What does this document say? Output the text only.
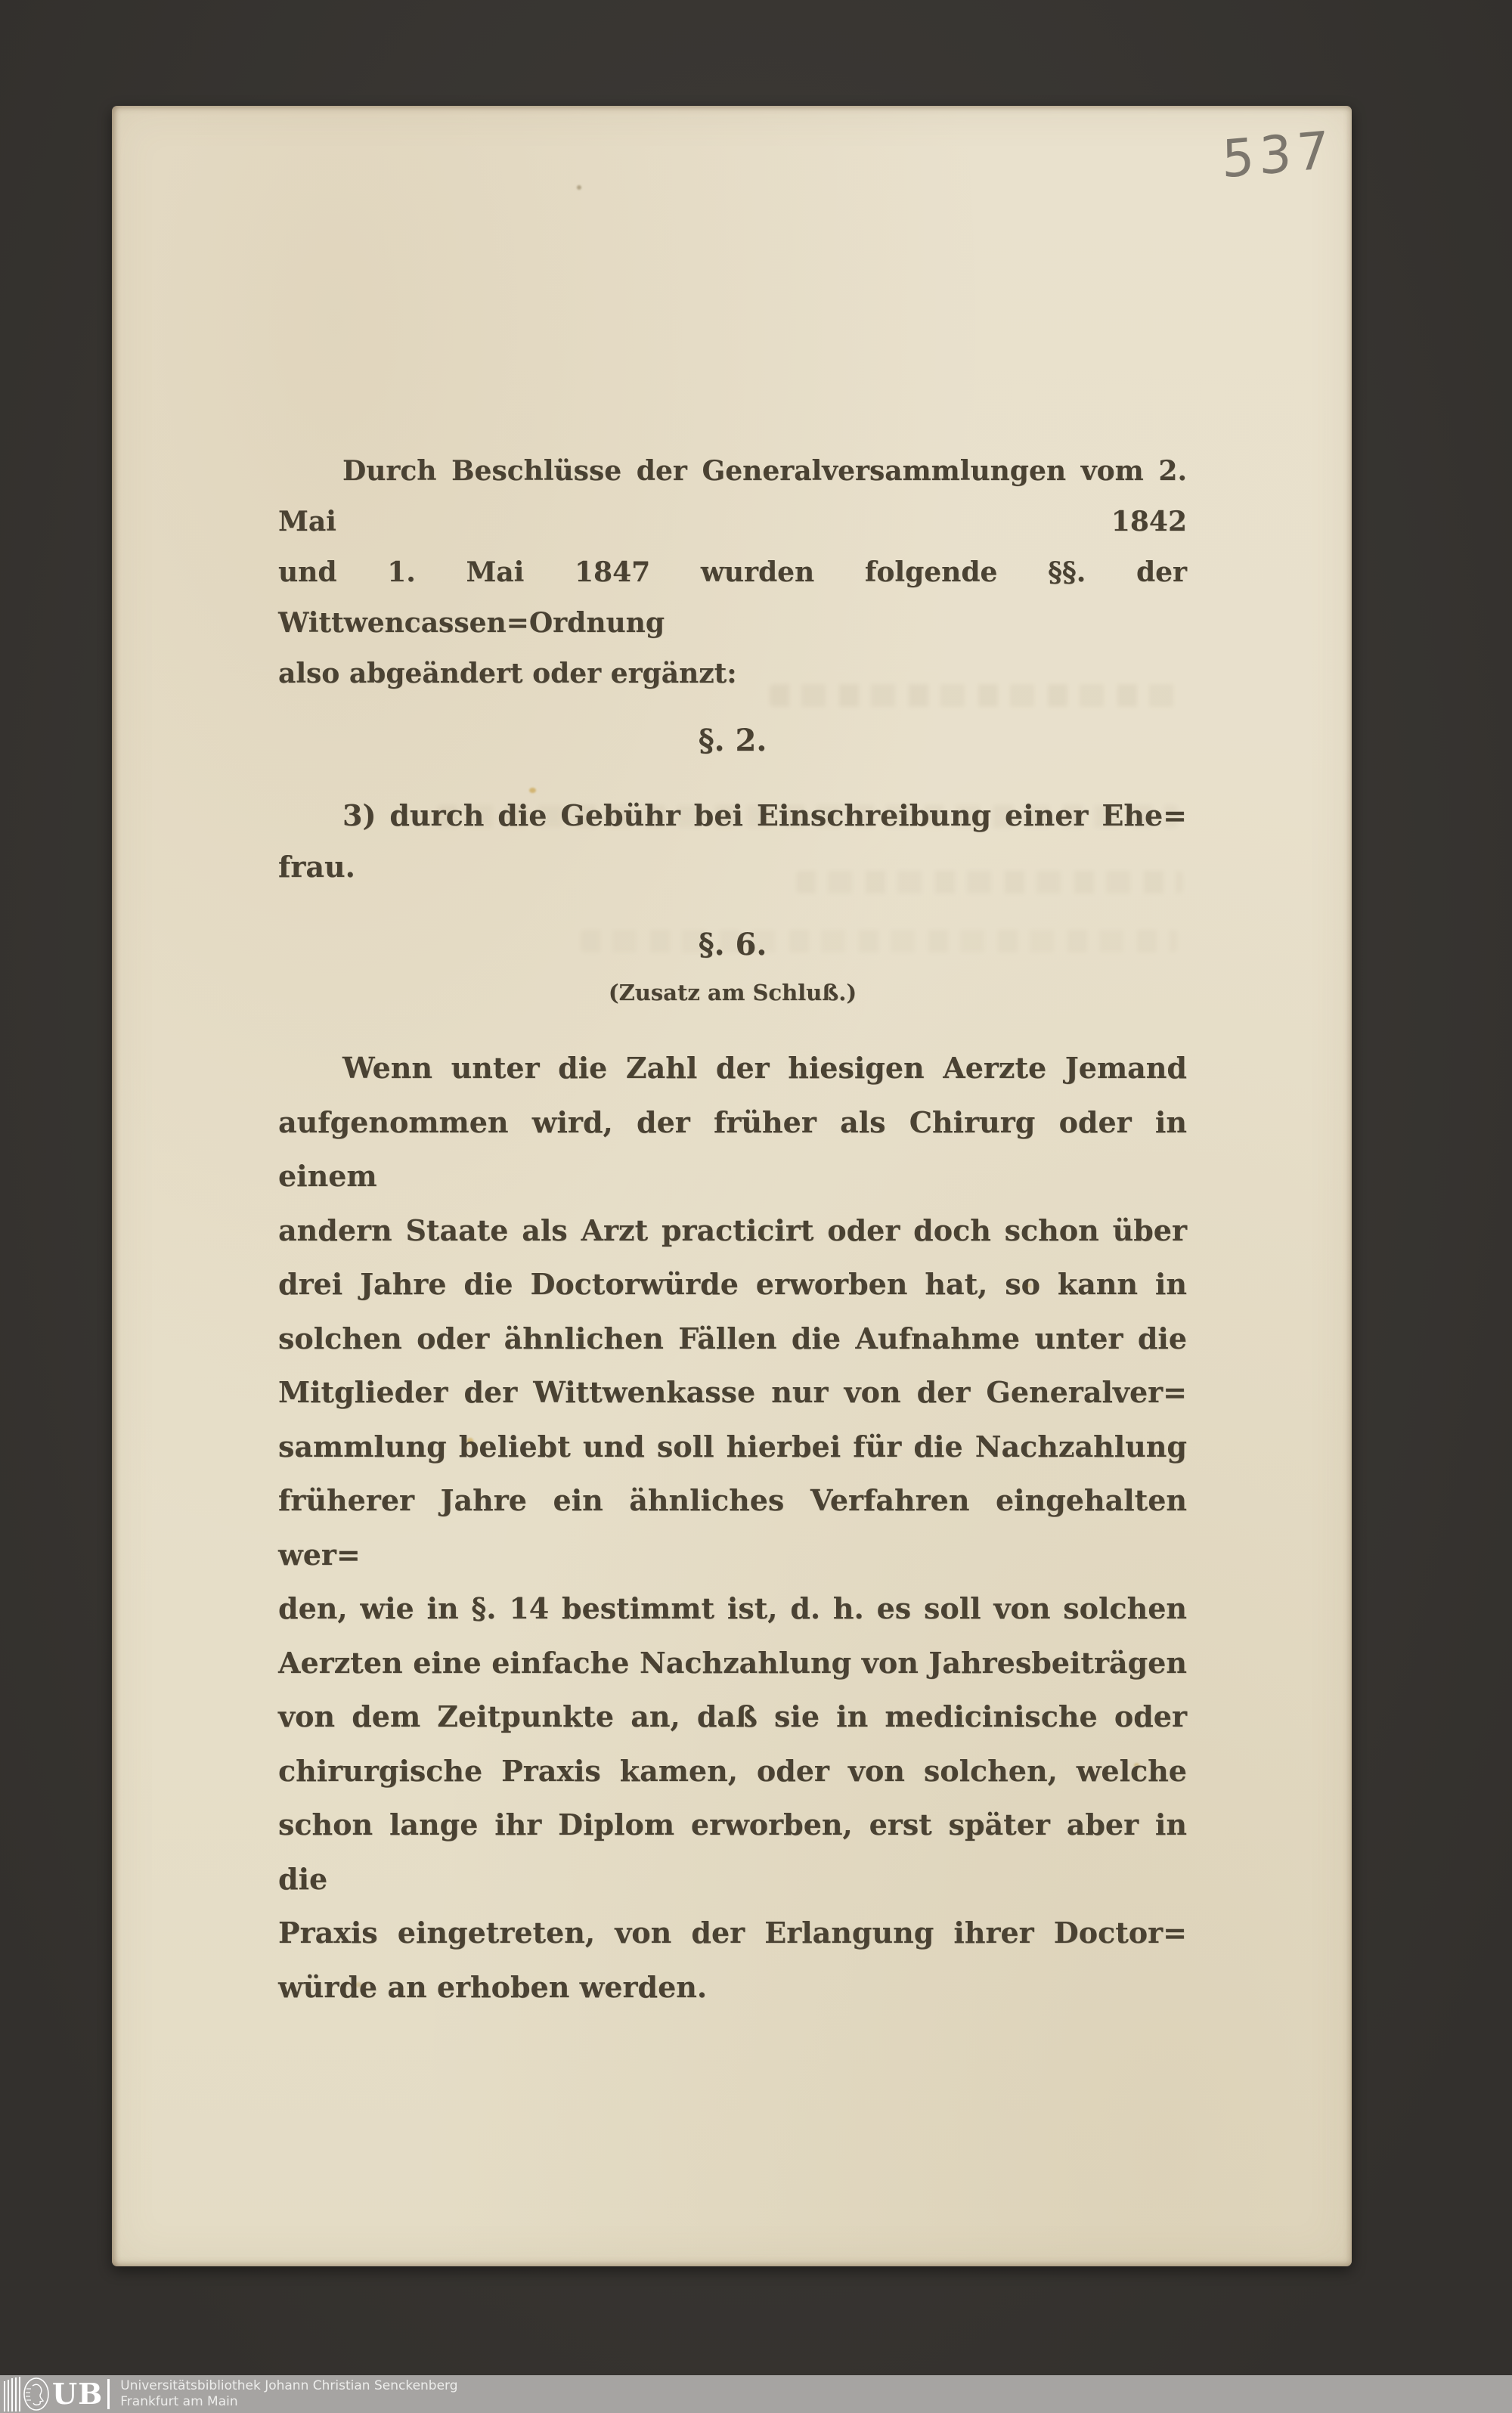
537
Durch Beschlüsse der Generalversammlungen vom 2. Mai 1842
und 1. Mai 1847 wurden folgende §§. der Wittwencassen=Ordnung
also abgeändert oder ergänzt:
§. 2.
3) durch die Gebühr bei Einschreibung einer Ehe=
frau.
§. 6.
(Zusatz am Schluß.)
Wenn unter die Zahl der hiesigen Aerzte Jemand
aufgenommen wird, der früher als Chirurg oder in einem
andern Staate als Arzt practicirt oder doch schon über
drei Jahre die Doctorwürde erworben hat, so kann in
solchen oder ähnlichen Fällen die Aufnahme unter die
Mitglieder der Wittwenkasse nur von der Generalver=
sammlung beliebt und soll hierbei für die Nachzahlung
früherer Jahre ein ähnliches Verfahren eingehalten wer=
den, wie in §. 14 bestimmt ist, d. h. es soll von solchen
Aerzten eine einfache Nachzahlung von Jahresbeiträgen
von dem Zeitpunkte an, daß sie in medicinische oder
chirurgische Praxis kamen, oder von solchen, welche
schon lange ihr Diplom erworben, erst später aber in die
Praxis eingetreten, von der Erlangung ihrer Doctor=
würde an erhoben werden.
UB Universitätsbibliothek Johann Christian Senckenberg
Frankfurt am Main
